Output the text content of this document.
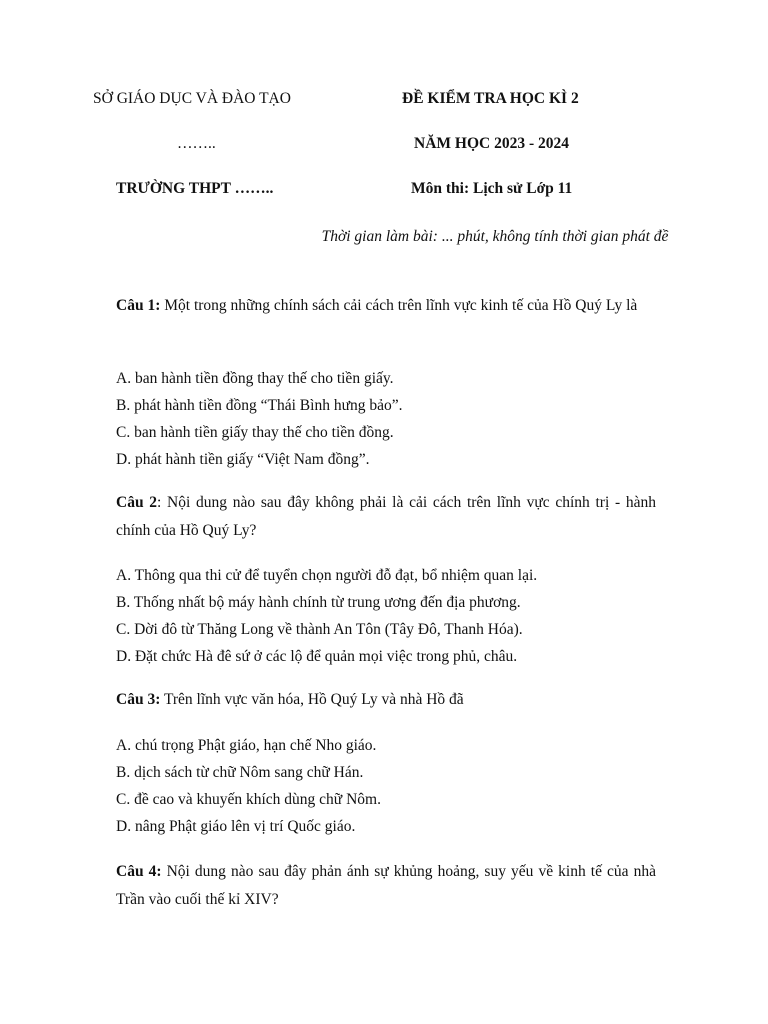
SỞ GIÁO DỤC VÀ ĐÀO TẠO
……..
TRƯỜNG THPT ……..
ĐỀ KIỂM TRA HỌC KÌ 2
NĂM HỌC 2023 - 2024
Môn thi: Lịch sử Lớp 11
Thời gian làm bài: ... phút, không tính thời gian phát đề
Câu 1: Một trong những chính sách cải cách trên lĩnh vực kinh tế của Hồ Quý Ly là
A. ban hành tiền đồng thay thế cho tiền giấy.
B. phát hành tiền đồng “Thái Bình hưng bảo”.
C. ban hành tiền giấy thay thế cho tiền đồng.
D. phát hành tiền giấy “Việt Nam đồng”.
Câu 2: Nội dung nào sau đây không phải là cải cách trên lĩnh vực chính trị - hành chính của Hồ Quý Ly?
A. Thông qua thi cử để tuyển chọn người đỗ đạt, bổ nhiệm quan lại.
B. Thống nhất bộ máy hành chính từ trung ương đến địa phương.
C. Dời đô từ Thăng Long về thành An Tôn (Tây Đô, Thanh Hóa).
D. Đặt chức Hà đê sứ ở các lộ để quản mọi việc trong phủ, châu.
Câu 3: Trên lĩnh vực văn hóa, Hồ Quý Ly và nhà Hồ đã
A. chú trọng Phật giáo, hạn chế Nho giáo.
B. dịch sách từ chữ Nôm sang chữ Hán.
C. đề cao và khuyến khích dùng chữ Nôm.
D. nâng Phật giáo lên vị trí Quốc giáo.
Câu 4: Nội dung nào sau đây phản ánh sự khủng hoảng, suy yếu về kinh tế của nhà Trần vào cuối thế kỉ XIV?
